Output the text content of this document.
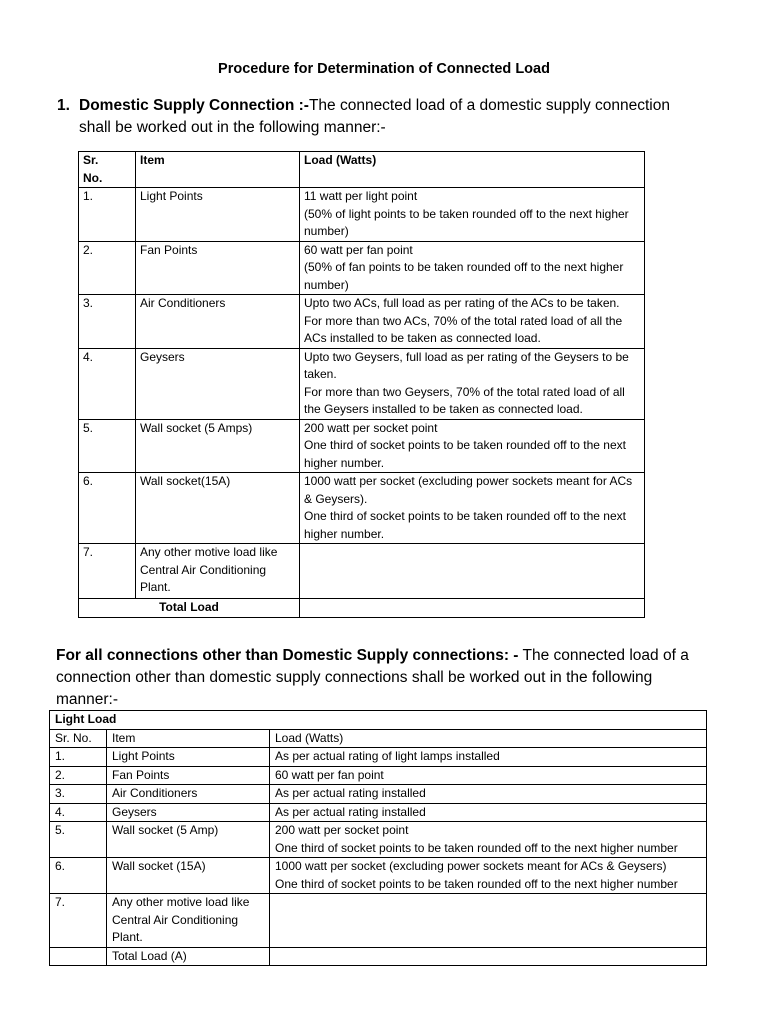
Procedure for Determination of Connected Load
1. Domestic Supply Connection :-The connected load of a domestic supply connection shall be worked out in the following manner:-
Sr.
No.	Item	Load (Watts)
1.	Light Points	11 watt per light point
(50% of light points to be taken rounded off to the next higher number)
2.	Fan Points	60 watt per fan point
(50% of fan points to be taken rounded off to the next higher number)
3.	Air Conditioners	Upto two ACs, full load as per rating of the ACs to be taken.
For more than two ACs, 70% of the total rated load of all the ACs installed to be taken as connected load.
4.	Geysers	Upto two Geysers, full load as per rating of the Geysers to be taken.
For more than two Geysers, 70% of the total rated load of all the Geysers installed to be taken as connected load.
5.	Wall socket (5 Amps)	200 watt per socket point
One third of socket points to be taken rounded off to the next higher number.
6.	Wall socket(15A)	1000 watt per socket (excluding power sockets meant for ACs & Geysers).
One third of socket points to be taken rounded off to the next higher number.
7.	Any other motive load like Central Air Conditioning Plant.	
Total Load		
For all connections other than Domestic Supply connections: - The connected load of a connection other than domestic supply connections shall be worked out in the following manner:-
Light Load		
Sr. No.	Item	Load (Watts)
1.	Light Points	As per actual rating of light lamps installed
2.	Fan Points	60 watt per fan point
3.	Air Conditioners	As per actual rating installed
4.	Geysers	As per actual rating installed
5.	Wall socket (5 Amp)	200 watt per socket point
One third of socket points to be taken rounded off to the next higher number
6.	Wall socket (15A)	1000 watt per socket (excluding power sockets meant for ACs & Geysers)
One third of socket points to be taken rounded off to the next higher number
7.	Any other motive load like Central Air Conditioning Plant.	
	Total Load (A)	
